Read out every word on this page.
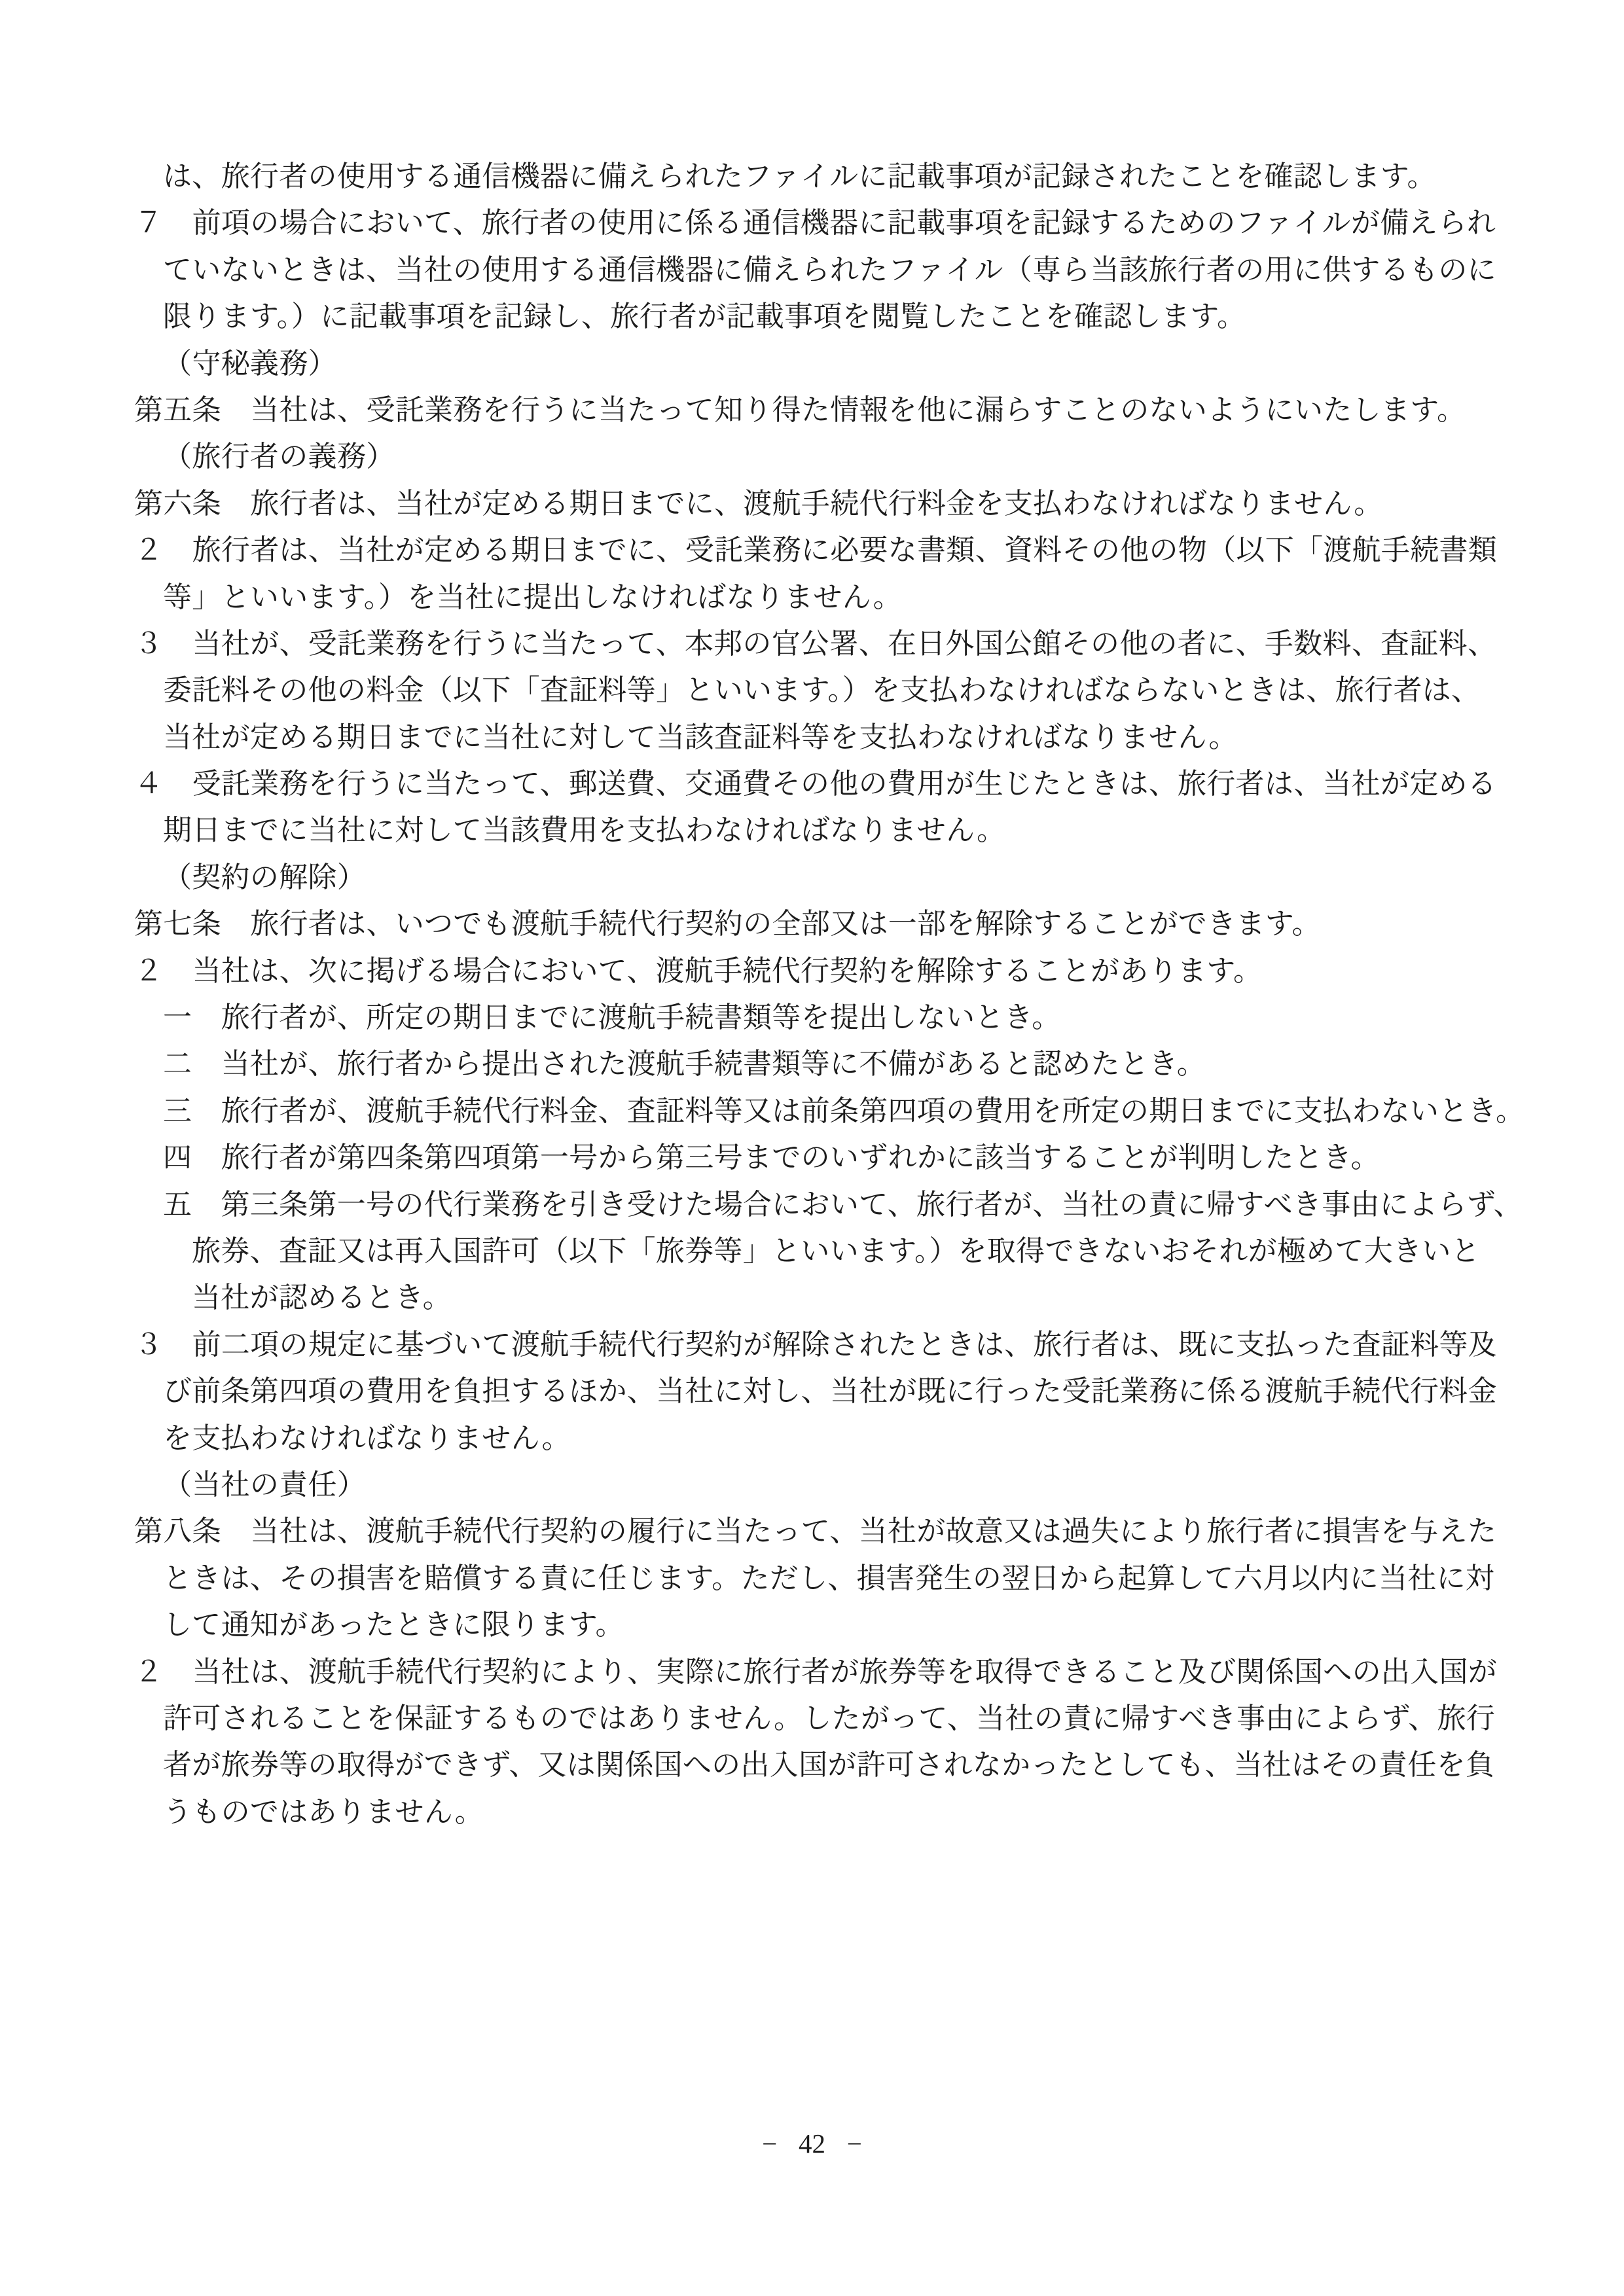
は、旅行者の使用する通信機器に備えられたファイルに記載事項が記録されたことを確認します。
７　前項の場合において、旅行者の使用に係る通信機器に記載事項を記録するためのファイルが備えられ
ていないときは、当社の使用する通信機器に備えられたファイル（専ら当該旅行者の用に供するものに
限ります。）に記載事項を記録し、旅行者が記載事項を閲覧したことを確認します。
（守秘義務）
第五条　当社は、受託業務を行うに当たって知り得た情報を他に漏らすことのないようにいたします。
（旅行者の義務）
第六条　旅行者は、当社が定める期日までに、渡航手続代行料金を支払わなければなりません。
２　旅行者は、当社が定める期日までに、受託業務に必要な書類、資料その他の物（以下「渡航手続書類
等」といいます。）を当社に提出しなければなりません。
３　当社が、受託業務を行うに当たって、本邦の官公署、在日外国公館その他の者に、手数料、査証料、
委託料その他の料金（以下「査証料等」といいます。）を支払わなければならないときは、旅行者は、
当社が定める期日までに当社に対して当該査証料等を支払わなければなりません。
４　受託業務を行うに当たって、郵送費、交通費その他の費用が生じたときは、旅行者は、当社が定める
期日までに当社に対して当該費用を支払わなければなりません。
（契約の解除）
第七条　旅行者は、いつでも渡航手続代行契約の全部又は一部を解除することができます。
２　当社は、次に掲げる場合において、渡航手続代行契約を解除することがあります。
一　旅行者が、所定の期日までに渡航手続書類等を提出しないとき。
二　当社が、旅行者から提出された渡航手続書類等に不備があると認めたとき。
三　旅行者が、渡航手続代行料金、査証料等又は前条第四項の費用を所定の期日までに支払わないとき。
四　旅行者が第四条第四項第一号から第三号までのいずれかに該当することが判明したとき。
五　第三条第一号の代行業務を引き受けた場合において、旅行者が、当社の責に帰すべき事由によらず、
旅券、査証又は再入国許可（以下「旅券等」といいます。）を取得できないおそれが極めて大きいと
当社が認めるとき。
３　前二項の規定に基づいて渡航手続代行契約が解除されたときは、旅行者は、既に支払った査証料等及
び前条第四項の費用を負担するほか、当社に対し、当社が既に行った受託業務に係る渡航手続代行料金
を支払わなければなりません。
（当社の責任）
第八条　当社は、渡航手続代行契約の履行に当たって、当社が故意又は過失により旅行者に損害を与えた
ときは、その損害を賠償する責に任じます。ただし、損害発生の翌日から起算して六月以内に当社に対
して通知があったときに限ります。
２　当社は、渡航手続代行契約により、実際に旅行者が旅券等を取得できること及び関係国への出入国が
許可されることを保証するものではありません。したがって、当社の責に帰すべき事由によらず、旅行
者が旅券等の取得ができず、又は関係国への出入国が許可されなかったとしても、当社はその責任を負
うものではありません。
− 42 −
